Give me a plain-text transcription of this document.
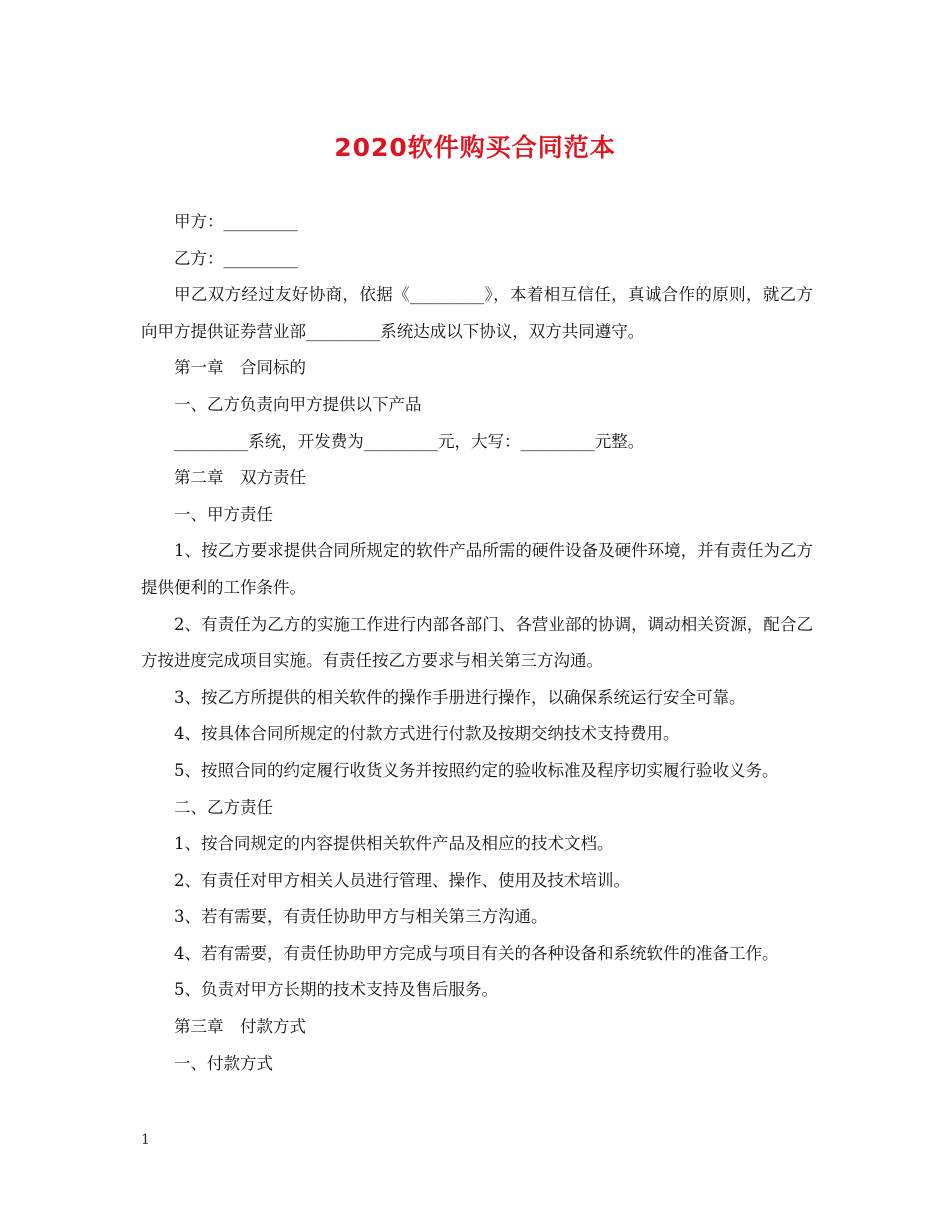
2020软件购买合同范本

甲方：_________

乙方：_________

甲乙双方经过友好协商，依据《_________》，本着相互信任，真诚合作的原则，就乙方向甲方提供证券营业部_________系统达成以下协议，双方共同遵守。

第一章　合同标的

一、乙方负责向甲方提供以下产品

_________系统，开发费为_________元，大写：_________元整。

第二章　双方责任

一、甲方责任

1、按乙方要求提供合同所规定的软件产品所需的硬件设备及硬件环境，并有责任为乙方提供便利的工作条件。

2、有责任为乙方的实施工作进行内部各部门、各营业部的协调，调动相关资源，配合乙方按进度完成项目实施。有责任按乙方要求与相关第三方沟通。

3、按乙方所提供的相关软件的操作手册进行操作，以确保系统运行安全可靠。

4、按具体合同所规定的付款方式进行付款及按期交纳技术支持费用。

5、按照合同的约定履行收货义务并按照约定的验收标准及程序切实履行验收义务。

二、乙方责任

1、按合同规定的内容提供相关软件产品及相应的技术文档。

2、有责任对甲方相关人员进行管理、操作、使用及技术培训。

3、若有需要，有责任协助甲方与相关第三方沟通。

4、若有需要，有责任协助甲方完成与项目有关的各种设备和系统软件的准备工作。

5、负责对甲方长期的技术支持及售后服务。

第三章　付款方式

一、付款方式

1
